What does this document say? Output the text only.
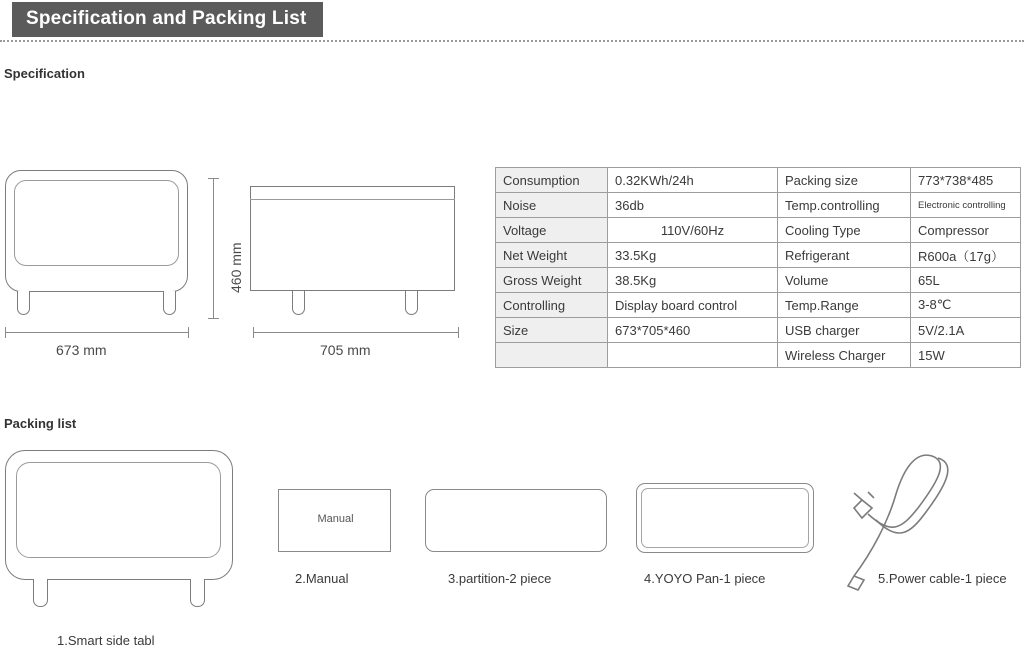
Specification and Packing List
Specification
Packing list
460 mm
673 mm	705 mm
Consumption	0.32KWh/24h	Packing size	773*738*485
Noise	36db	Temp.controlling	Electronic controlling
Voltage	110V/60Hz	Cooling Type	Compressor
Net Weight	33.5Kg	Refrigerant	R600a（17g）
Gross Weight	38.5Kg	Volume	65L
Controlling	Display board control	Temp.Range	3-8℃
Size	673*705*460	USB charger	5V/2.1A
		Wireless Charger	15W
1.Smart side tabl
Manual
2.Manual	3.partition-2 piece	4.YOYO Pan-1 piece	5.Power cable-1 piece
